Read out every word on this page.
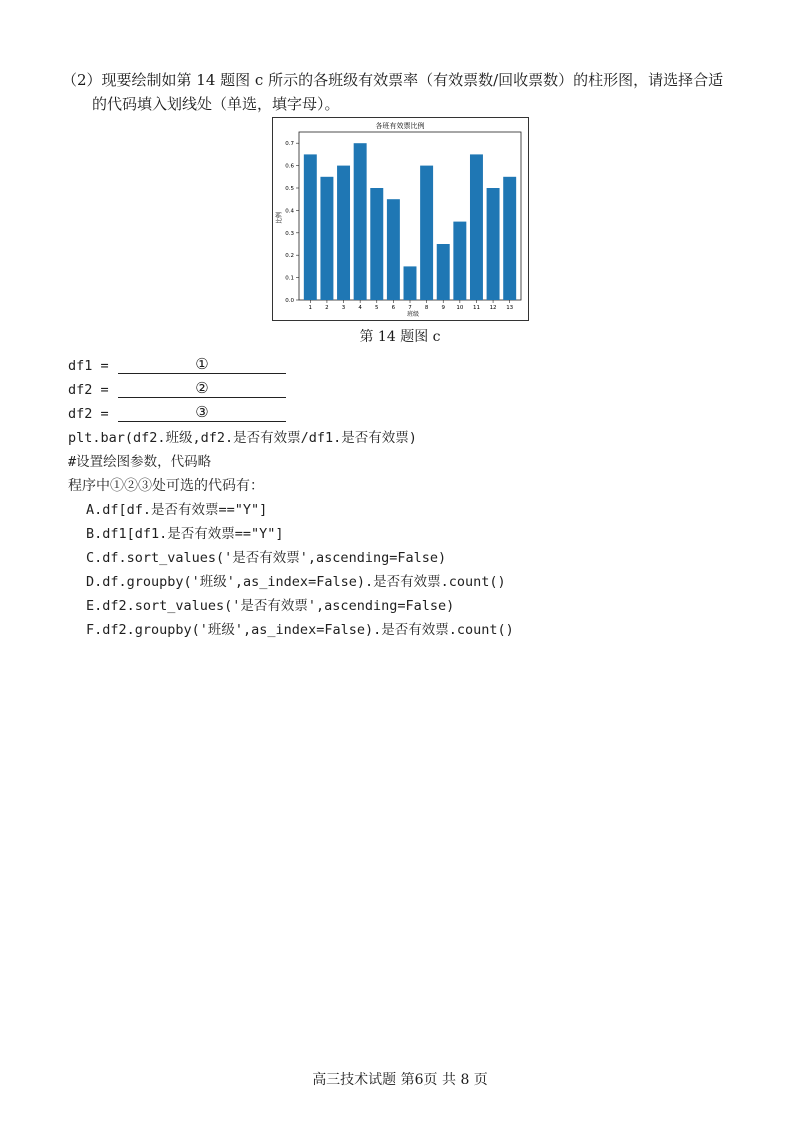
（2）现要绘制如第 14 题图 c 所示的各班级有效票率（有效票数/回收票数）的柱形图，请选择合适
的代码填入划线处（单选，填字母）。
各班有效票比例
班级
比例
0.0
0.1
0.2
0.3
0.4
0.5
0.6
0.7
1 2 3 4 5 6 7 8 9 10 11 12 13
第 14 题图 c
df1 =	①
df2 =	②
df2 =	③
plt.bar(df2.班级,df2.是否有效票/df1.是否有效票)
#设置绘图参数，代码略
程序中①②③处可选的代码有：
A.df[df.是否有效票=="Y"]
B.df1[df1.是否有效票=="Y"]
C.df.sort_values('是否有效票',ascending=False)
D.df.groupby('班级',as_index=False).是否有效票.count()
E.df2.sort_values('是否有效票',ascending=False)
F.df2.groupby('班级',as_index=False).是否有效票.count()
高三技术试题 第6页 共 8 页
